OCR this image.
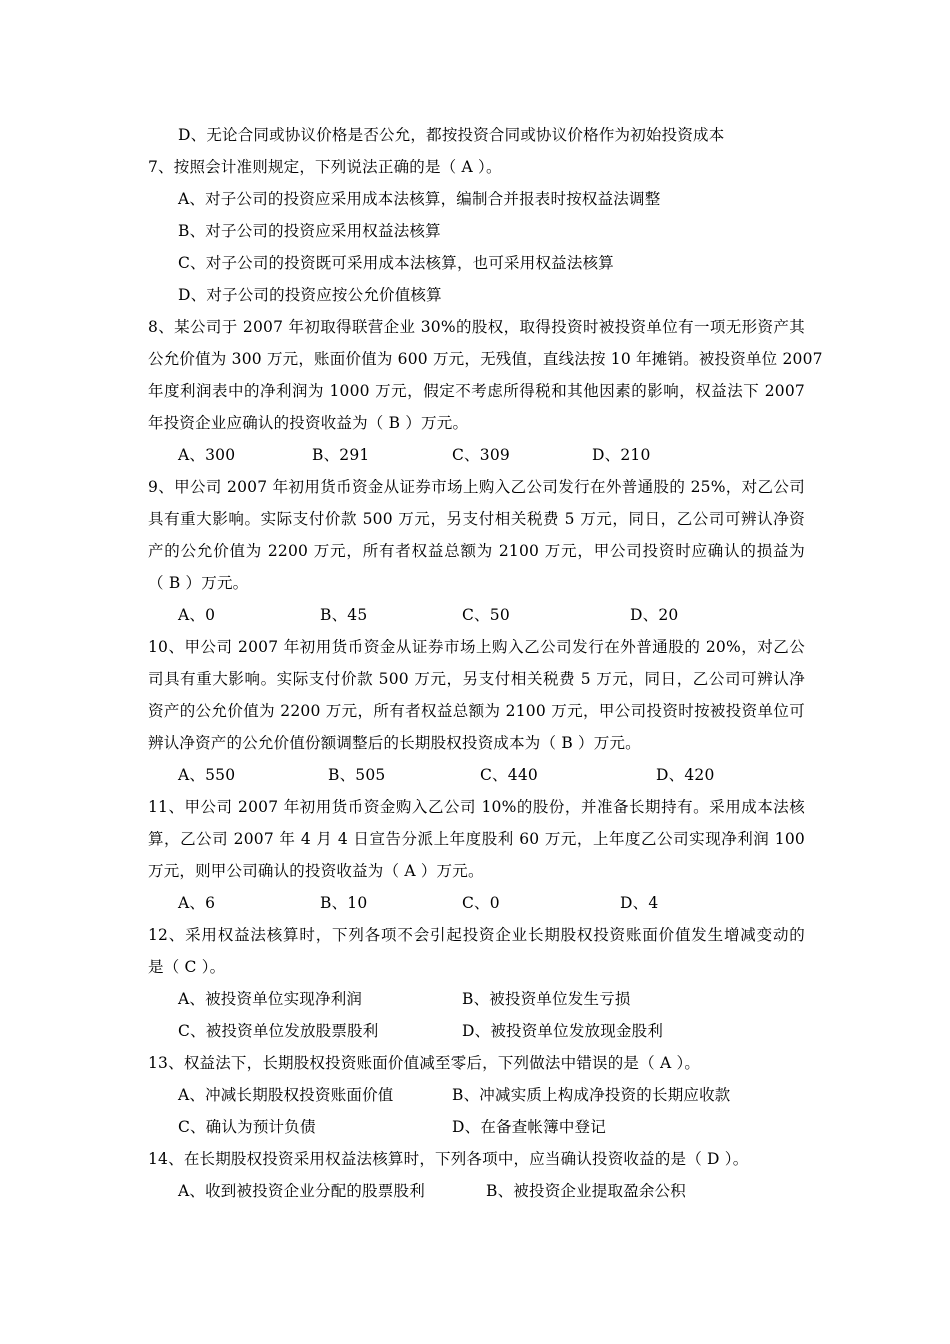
D、无论合同或协议价格是否公允，都按投资合同或协议价格作为初始投资成本
7、按照会计准则规定，下列说法正确的是（ A ）。
A、对子公司的投资应采用成本法核算，编制合并报表时按权益法调整
B、对子公司的投资应采用权益法核算
C、对子公司的投资既可采用成本法核算，也可采用权益法核算
D、对子公司的投资应按公允价值核算
8、某公司于 2007 年初取得联营企业 30%的股权，取得投资时被投资单位有一项无形资产其
公允价值为 300 万元，账面价值为 600 万元，无残值，直线法按 10 年摊销。被投资单位 2007
年度利润表中的净利润为 1000 万元，假定不考虑所得税和其他因素的影响，权益法下 2007
年投资企业应确认的投资收益为（ B ）万元。
A、300	B、291	C、309	D、210
9、甲公司 2007 年初用货币资金从证券市场上购入乙公司发行在外普通股的 25%，对乙公司
具有重大影响。实际支付价款 500 万元，另支付相关税费 5 万元，同日，乙公司可辨认净资
产的公允价值为 2200 万元，所有者权益总额为 2100 万元，甲公司投资时应确认的损益为
（ B ）万元。
A、0	B、45	C、50	D、20
10、甲公司 2007 年初用货币资金从证券市场上购入乙公司发行在外普通股的 20%，对乙公
司具有重大影响。实际支付价款 500 万元，另支付相关税费 5 万元，同日，乙公司可辨认净
资产的公允价值为 2200 万元，所有者权益总额为 2100 万元，甲公司投资时按被投资单位可
辨认净资产的公允价值份额调整后的长期股权投资成本为（ B ）万元。
A、550	B、505	C、440	D、420
11、甲公司 2007 年初用货币资金购入乙公司 10%的股份，并准备长期持有。采用成本法核
算，乙公司 2007 年 4 月 4 日宣告分派上年度股利 60 万元，上年度乙公司实现净利润 100
万元，则甲公司确认的投资收益为（ A ）万元。
A、6	B、10	C、0	D、4
12、采用权益法核算时，下列各项不会引起投资企业长期股权投资账面价值发生增减变动的
是（ C ）。
A、被投资单位实现净利润	B、被投资单位发生亏损
C、被投资单位发放股票股利	D、被投资单位发放现金股利
13、权益法下，长期股权投资账面价值减至零后，下列做法中错误的是（ A ）。
A、冲减长期股权投资账面价值	B、冲减实质上构成净投资的长期应收款
C、确认为预计负债	D、在备查帐簿中登记
14、在长期股权投资采用权益法核算时，下列各项中，应当确认投资收益的是（ D ）。
A、收到被投资企业分配的股票股利	B、被投资企业提取盈余公积
